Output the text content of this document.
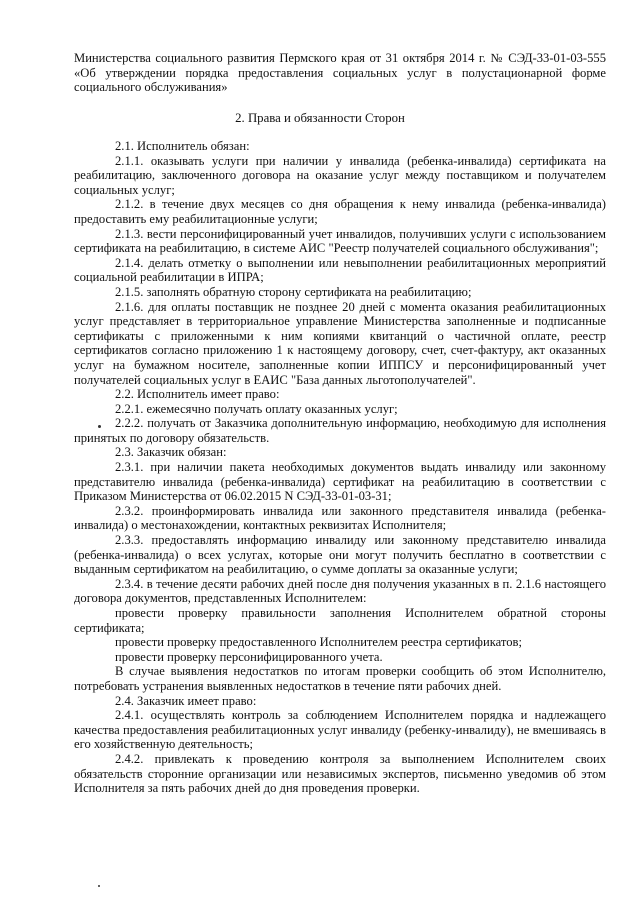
Министерства социального развития Пермского края от 31 октября 2014 г. № СЭД-33-01-03-555
«Об утверждении порядка предоставления социальных услуг в полустационарной форме
социального обслуживания»
2. Права и обязанности Сторон
2.1. Исполнитель обязан:
2.1.1. оказывать услуги при наличии у инвалида (ребенка-инвалида) сертификата на реабилитацию, заключенного договора на оказание услуг между поставщиком и получателем социальных услуг;
2.1.2. в течение двух месяцев со дня обращения к нему инвалида (ребенка-инвалида) предоставить ему реабилитационные услуги;
2.1.3. вести персонифицированный учет инвалидов, получивших услуги с использованием сертификата на реабилитацию, в системе АИС "Реестр получателей социального обслуживания";
2.1.4. делать отметку о выполнении или невыполнении реабилитационных мероприятий социальной реабилитации в ИПРА;
2.1.5. заполнять обратную сторону сертификата на реабилитацию;
2.1.6. для оплаты поставщик не позднее 20 дней с момента оказания реабилитационных услуг представляет в территориальное управление Министерства заполненные и подписанные сертификаты с приложенными к ним копиями квитанций о частичной оплате, реестр сертификатов согласно приложению 1 к настоящему договору, счет, счет-фактуру, акт оказанных услуг на бумажном носителе, заполненные копии ИППСУ и персонифицированный учет получателей социальных услуг в ЕАИС "База данных льготополучателей".
2.2. Исполнитель имеет право:
2.2.1. ежемесячно получать оплату оказанных услуг;
2.2.2. получать от Заказчика дополнительную информацию, необходимую для исполнения принятых по договору обязательств.
2.3. Заказчик обязан:
2.3.1. при наличии пакета необходимых документов выдать инвалиду или законному представителю инвалида (ребенка-инвалида) сертификат на реабилитацию в соответствии с Приказом Министерства от 06.02.2015 N СЭД-33-01-03-31;
2.3.2. проинформировать инвалида или законного представителя инвалида (ребенка-инвалида) о местонахождении, контактных реквизитах Исполнителя;
2.3.3. предоставлять информацию инвалиду или законному представителю инвалида (ребенка-инвалида) о всех услугах, которые они могут получить бесплатно в соответствии с выданным сертификатом на реабилитацию, о сумме доплаты за оказанные услуги;
2.3.4. в течение десяти рабочих дней после дня получения указанных в п. 2.1.6 настоящего договора документов, представленных Исполнителем:
провести проверку правильности заполнения Исполнителем обратной стороны сертификата;
провести проверку предоставленного Исполнителем реестра сертификатов;
провести проверку персонифицированного учета.
В случае выявления недостатков по итогам проверки сообщить об этом Исполнителю, потребовать устранения выявленных недостатков в течение пяти рабочих дней.
2.4. Заказчик имеет право:
2.4.1. осуществлять контроль за соблюдением Исполнителем порядка и надлежащего качества предоставления реабилитационных услуг инвалиду (ребенку-инвалиду), не вмешиваясь в его хозяйственную деятельность;
2.4.2. привлекать к проведению контроля за выполнением Исполнителем своих обязательств сторонние организации или независимых экспертов, письменно уведомив об этом Исполнителя за пять рабочих дней до дня проведения проверки.
